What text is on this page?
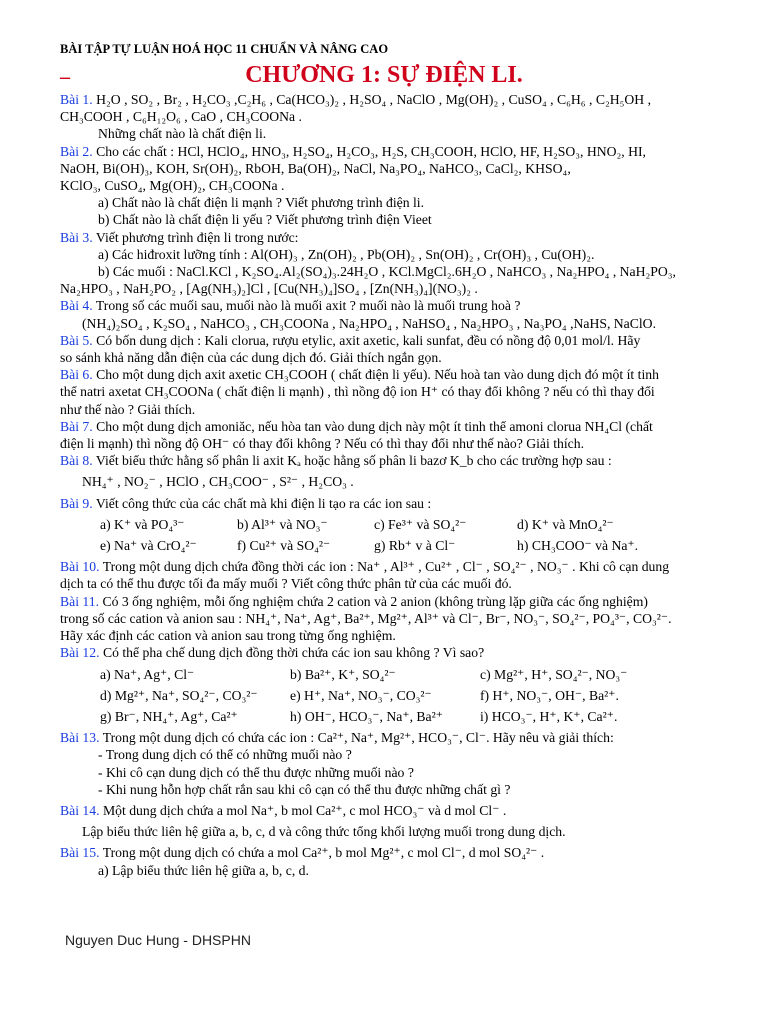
BÀI TẬP TỰ LUẬN HOÁ HỌC 11 CHUẨN VÀ NÂNG CAO
–	CHƯƠNG 1: SỰ ĐIỆN LI.

Bài 1. H₂O , SO₂ , Br₂ , H₂CO₃ ,C₂H₆ , Ca(HCO₃)₂ , H₂SO₄ , NaClO , Mg(OH)₂ , CuSO₄ , C₆H₆ , C₂H₅OH ,

CH₃COOH , C₆H₁₂O₆ , CaO , CH₃COONa .

Những chất nào là chất điện li.

Bài 2. Cho các chất : HCl, HClO₄, HNO₃, H₂SO₄, H₂CO₃, H₂S, CH₃COOH, HClO, HF, H₂SO₃, HNO₂, HI,

NaOH, Bi(OH)₃, KOH, Sr(OH)₂, RbOH, Ba(OH)₂, NaCl, Na₃PO₄, NaHCO₃, CaCl₂, KHSO₄,

KClO₃, CuSO₄, Mg(OH)₂, CH₃COONa .

a) Chất nào là chất điện li mạnh ? Viết phương trình điện li.

b) Chất nào là chất điện li yếu ? Viết phương trình điện Vieet

Bài 3. Viết phương trình điện li trong nước:

a) Các hiđroxit lưỡng tính : Al(OH)₃ , Zn(OH)₂ , Pb(OH)₂ , Sn(OH)₂ , Cr(OH)₃ , Cu(OH)₂.

b) Các muối : NaCl.KCl , K₂SO₄.Al₂(SO₄)₃.24H₂O , KCl.MgCl₂.6H₂O , NaHCO₃ , Na₂HPO₄ , NaH₂PO₃,

Na₂HPO₃ , NaH₂PO₂ , [Ag(NH₃)₂]Cl , [Cu(NH₃)₄]SO₄ , [Zn(NH₃)₄](NO₃)₂ .

Bài 4. Trong số các muối sau, muối nào là muối axit ? muối nào là muối trung hoà ?

(NH₄)₂SO₄ , K₂SO₄ , NaHCO₃ , CH₃COONa , Na₂HPO₄ , NaHSO₄ , Na₂HPO₃ , Na₃PO₄ ,NaHS, NaClO.

Bài 5. Có bốn dung dịch : Kali clorua, rượu etylic, axit axetic, kali sunfat, đều có nồng độ 0,01 mol/l. Hãy

so sánh khả năng dẫn điện của các dung dịch đó. Giải thích ngắn gọn.

Bài 6. Cho một dung dịch axit axetic CH₃COOH ( chất điện li yếu). Nếu hoà tan vào dung dịch đó một ít tinh

thể natri axetat CH₃COONa ( chất điện li mạnh) , thì nồng độ ion H⁺ có thay đổi không ? nếu có thì thay đổi

như thế nào ? Giải thích.

Bài 7. Cho một dung dịch amoniăc, nếu hòa tan vào dung dịch này một ít tinh thể amoni clorua NH₄Cl (chất

điện li mạnh) thì nồng độ OH⁻ có thay đổi không ? Nếu có thì thay đổi như thế nào? Giải thích.

Bài 8. Viết biểu thức hằng số phân li axit Kₐ hoặc hằng số phân li bazơ K_b cho các trường hợp sau :

NH₄⁺ , NO₂⁻ , HClO , CH₃COO⁻ , S²⁻ , H₂CO₃ .

Bài 9. Viết công thức của các chất mà khi điện li tạo ra các ion sau :

a) K⁺ và PO₄³⁻	b) Al³⁺ và NO₃⁻	c) Fe³⁺ và SO₄²⁻	d) K⁺ và MnO₄²⁻
e) Na⁺ và CrO₄²⁻	f) Cu²⁺ và SO₄²⁻	g) Rb⁺ v à Cl⁻	h) CH₃COO⁻ và Na⁺.

Bài 10. Trong một dung dịch chứa đồng thời các ion : Na⁺ , Al³⁺ , Cu²⁺ , Cl⁻ , SO₄²⁻ , NO₃⁻ . Khi cô cạn dung

dịch ta có thể thu được tối đa mấy muối ? Viết công thức phân tử của các muối đó.

Bài 11. Có 3 ống nghiệm, mỗi ống nghiệm chứa 2 cation và 2 anion (không trùng lặp giữa các ống nghiệm)

trong số các cation và anion sau : NH₄⁺, Na⁺, Ag⁺, Ba²⁺, Mg²⁺, Al³⁺ và Cl⁻, Br⁻, NO₃⁻, SO₄²⁻, PO₄³⁻, CO₃²⁻.

Hãy xác định các cation và anion sau trong từng ống nghiệm.

Bài 12. Có thể pha chế dung dịch đồng thời chứa các ion sau không ? Vì sao?

a) Na⁺, Ag⁺, Cl⁻	b) Ba²⁺, K⁺, SO₄²⁻	c) Mg²⁺, H⁺, SO₄²⁻, NO₃⁻
d) Mg²⁺, Na⁺, SO₄²⁻, CO₃²⁻	e) H⁺, Na⁺, NO₃⁻, CO₃²⁻	f) H⁺, NO₃⁻, OH⁻, Ba²⁺.
g) Br⁻, NH₄⁺, Ag⁺, Ca²⁺	h) OH⁻, HCO₃⁻, Na⁺, Ba²⁺	i) HCO₃⁻, H⁺, K⁺, Ca²⁺.

Bài 13. Trong một dung dịch có chứa các ion : Ca²⁺, Na⁺, Mg²⁺, HCO₃⁻, Cl⁻. Hãy nêu và giải thích:

- Trong dung dịch có thể có những muối nào ?

- Khi cô cạn dung dịch có thể thu được những muối nào ?

- Khi nung hỗn hợp chất rắn sau khi cô cạn có thể thu được những chất gì ?

Bài 14. Một dung dịch chứa a mol Na⁺, b mol Ca²⁺, c mol HCO₃⁻ và d mol Cl⁻ .

Lập biểu thức liên hệ giữa a, b, c, d và công thức tổng khối lượng muối trong dung dịch.

Bài 15. Trong một dung dịch có chứa a mol Ca²⁺, b mol Mg²⁺, c mol Cl⁻, d mol SO₄²⁻ .

a) Lập biểu thức liên hệ giữa a, b, c, d.

Nguyen Duc Hung - DHSPHN
